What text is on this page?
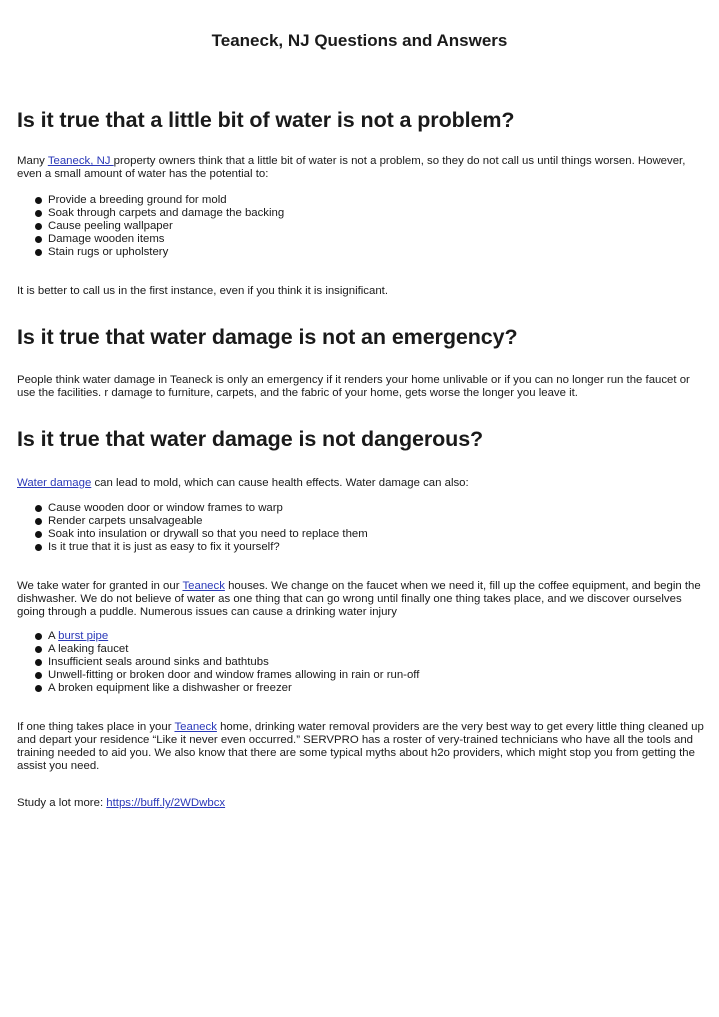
Teaneck, NJ Questions and Answers
Is it true that a little bit of water is not a problem?

Many Teaneck, NJ property owners think that a little bit of water is not a problem, so they do not call us until things worsen. However, even a small amount of water has the potential to:

Provide a breeding ground for mold
Soak through carpets and damage the backing
Cause peeling wallpaper
Damage wooden items
Stain rugs or upholstery

It is better to call us in the first instance, even if you think it is insignificant.

Is it true that water damage is not an emergency?

People think water damage in Teaneck is only an emergency if it renders your home unlivable or if you can no longer run the faucet or use the facilities. r damage to furniture, carpets, and the fabric of your home, gets worse the longer you leave it.

Is it true that water damage is not dangerous?

Water damage can lead to mold, which can cause health effects. Water damage can also:

Cause wooden door or window frames to warp
Render carpets unsalvageable
Soak into insulation or drywall so that you need to replace them
Is it true that it is just as easy to fix it yourself?

We take water for granted in our Teaneck houses. We change on the faucet when we need it, fill up the coffee equipment, and begin the dishwasher. We do not believe of water as one thing that can go wrong until finally one thing takes place, and we discover ourselves going through a puddle. Numerous issues can cause a drinking water injury

A burst pipe
A leaking faucet
Insufficient seals around sinks and bathtubs
Unwell-fitting or broken door and window frames allowing in rain or run-off
A broken equipment like a dishwasher or freezer

If one thing takes place in your Teaneck home, drinking water removal providers are the very best way to get every little thing cleaned up and depart your residence “Like it never even occurred.” SERVPRO has a roster of very-trained technicians who have all the tools and training needed to aid you. We also know that there are some typical myths about h2o providers, which might stop you from getting the assist you need.

Study a lot more: https://buff.ly/2WDwbcx
